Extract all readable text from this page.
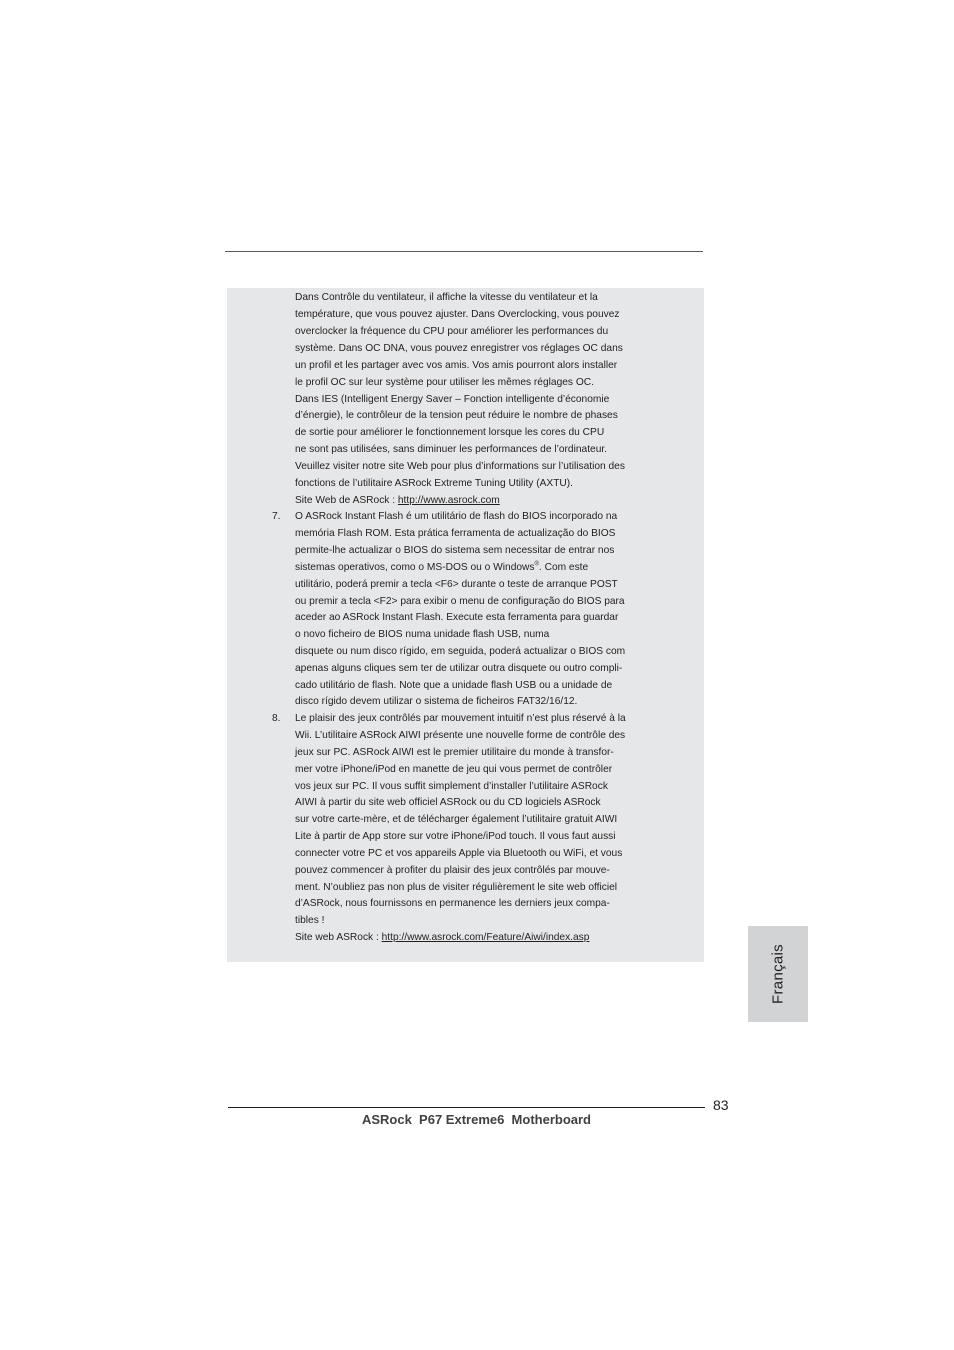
Dans Contrôle du ventilateur, il affiche la vitesse du ventilateur et la
température, que vous pouvez ajuster. Dans Overclocking, vous pouvez
overclocker la fréquence du CPU pour améliorer les performances du
système. Dans OC DNA, vous pouvez enregistrer vos réglages OC dans
un profil et les partager avec vos amis. Vos amis pourront alors installer
le profil OC sur leur système pour utiliser les mêmes réglages OC.
Dans IES (Intelligent Energy Saver – Fonction intelligente d’économie
d’énergie), le contrôleur de la tension peut réduire le nombre de phases
de sortie pour améliorer le fonctionnement lorsque les cores du CPU
ne sont pas utilisées, sans diminuer les performances de l’ordinateur.
Veuillez visiter notre site Web pour plus d’informations sur l’utilisation des
fonctions de l’utilitaire ASRock Extreme Tuning Utility (AXTU).
Site Web de ASRock : http://www.asrock.com
7. O ASRock Instant Flash é um utilitário de flash do BIOS incorporado na
memória Flash ROM. Esta prática ferramenta de actualização do BIOS
permite-lhe actualizar o BIOS do sistema sem necessitar de entrar nos
sistemas operativos, como o MS-DOS ou o Windows®. Com este
utilitário, poderá premir a tecla <F6> durante o teste de arranque POST
ou premir a tecla <F2> para exibir o menu de configuração do BIOS para
aceder ao ASRock Instant Flash. Execute esta ferramenta para guardar
o novo ficheiro de BIOS numa unidade flash USB, numa
disquete ou num disco rígido, em seguida, poderá actualizar o BIOS com
apenas alguns cliques sem ter de utilizar outra disquete ou outro compli-
cado utilitário de flash. Note que a unidade flash USB ou a unidade de
disco rígido devem utilizar o sistema de ficheiros FAT32/16/12.
8. Le plaisir des jeux contrôlés par mouvement intuitif n’est plus réservé à la
Wii. L’utilitaire ASRock AIWI présente une nouvelle forme de contrôle des
jeux sur PC. ASRock AIWI est le premier utilitaire du monde à transfor-
mer votre iPhone/iPod en manette de jeu qui vous permet de contrôler
vos jeux sur PC. Il vous suffit simplement d’installer l’utilitaire ASRock
AIWI à partir du site web officiel ASRock ou du CD logiciels ASRock
sur votre carte-mère, et de télécharger également l’utilitaire gratuit AIWI
Lite à partir de App store sur votre iPhone/iPod touch. Il vous faut aussi
connecter votre PC et vos appareils Apple via Bluetooth ou WiFi, et vous
pouvez commencer à profiter du plaisir des jeux contrôlés par mouve-
ment. N’oubliez pas non plus de visiter régulièrement le site web officiel
d’ASRock, nous fournissons en permanence les derniers jeux compa-
tibles !
Site web ASRock : http://www.asrock.com/Feature/Aiwi/index.asp
Français
83
ASRock  P67 Extreme6  Motherboard
